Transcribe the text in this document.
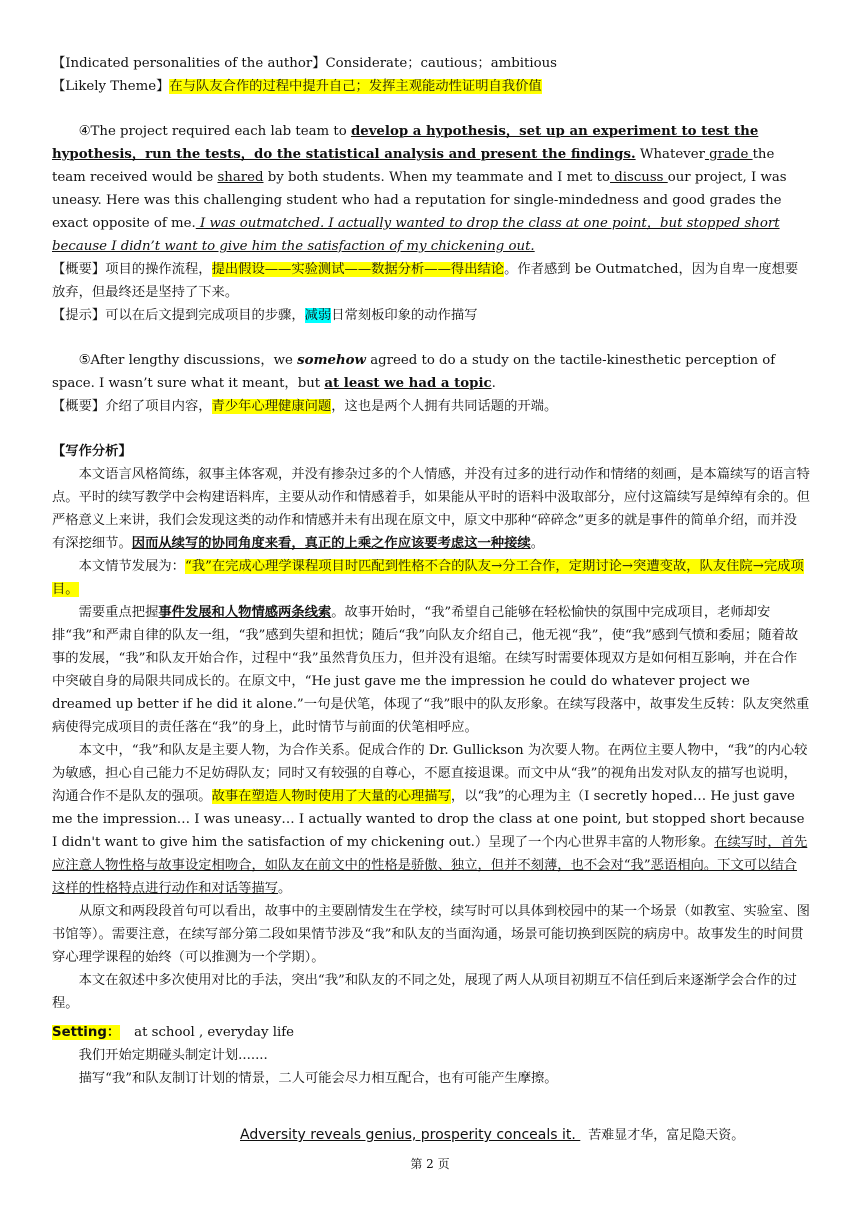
【Indicated personalities of the author】Considerate；cautious；ambitious

【Likely Theme】在与队友合作的过程中提升自己；发挥主观能动性证明自我价值

④The project required each lab team to develop a hypothesis，set up an experiment to test the hypothesis，run the tests，do the statistical analysis and present the findings. Whatever grade the team received would be shared by both students. When my teammate and I met to discuss our project, I was uneasy. Here was this challenging student who had a reputation for single-mindedness and good grades the exact opposite of me. I was outmatched. I actually wanted to drop the class at one point，but stopped short because I didn’t want to give him the satisfaction of my chickening out.

【概要】项目的操作流程，提出假设——实验测试——数据分析——得出结论。作者感到 be Outmatched，因为自卑一度想要放弃，但最终还是坚持了下来。

【提示】可以在后文提到完成项目的步骤，减弱日常刻板印象的动作描写

⑤After lengthy discussions，we somehow agreed to do a study on the tactile-kinesthetic perception of space. I wasn’t sure what it meant，but at least we had a topic.

【概要】介绍了项目内容，青少年心理健康问题，这也是两个人拥有共同话题的开端。

【写作分析】

本文语言风格简练，叙事主体客观，并没有掺杂过多的个人情感，并没有过多的进行动作和情绪的刻画，是本篇续写的语言特点。平时的续写教学中会构建语料库，主要从动作和情感着手，如果能从平时的语料中汲取部分，应付这篇续写是绰绰有余的。但严格意义上来讲，我们会发现这类的动作和情感并未有出现在原文中，原文中那种“碎碎念”更多的就是事件的简单介绍，而并没有深挖细节。因而从续写的协同角度来看，真正的上乘之作应该要考虑这一种接续。

本文情节发展为：“我”在完成心理学课程项目时匹配到性格不合的队友→分工合作，定期讨论→突遭变故，队友住院→完成项目。

需要重点把握事件发展和人物情感两条线索。故事开始时，“我”希望自己能够在轻松愉快的氛围中完成项目，老师却安排“我”和严肃自律的队友一组，“我”感到失望和担忧；随后“我”向队友介绍自己，他无视“我”，使“我”感到气愤和委屈；随着故事的发展，“我”和队友开始合作，过程中“我”虽然背负压力，但并没有退缩。在续写时需要体现双方是如何相互影响，并在合作中突破自身的局限共同成长的。在原文中，“He just gave me the impression he could do whatever project we dreamed up better if he did it alone.”一句是伏笔，体现了“我”眼中的队友形象。在续写段落中，故事发生反转：队友突然重病使得完成项目的责任落在“我”的身上，此时情节与前面的伏笔相呼应。

本文中，“我”和队友是主要人物，为合作关系。促成合作的 Dr. Gullickson 为次要人物。在两位主要人物中，“我”的内心较为敏感，担心自己能力不足妨碍队友；同时又有较强的自尊心，不愿直接退课。而文中从“我”的视角出发对队友的描写也说明，沟通合作不是队友的强项。故事在塑造人物时使用了大量的心理描写，以“我”的心理为主（I secretly hoped… He just gave me the impression… I was uneasy… I actually wanted to drop the class at one point, but stopped short because I didn't want to give him the satisfaction of my chickening out.）呈现了一个内心世界丰富的人物形象。在续写时，首先应注意人物性格与故事设定相吻合，如队友在前文中的性格是骄傲、独立，但并不刻薄，也不会对“我”恶语相向。下文可以结合这样的性格特点进行动作和对话等描写。

从原文和两段段首句可以看出，故事中的主要剧情发生在学校，续写时可以具体到校园中的某一个场景（如教室、实验室、图书馆等）。需要注意，在续写部分第二段如果情节涉及“我”和队友的当面沟通，场景可能切换到医院的病房中。故事发生的时间贯穿心理学课程的始终（可以推测为一个学期）。

本文在叙述中多次使用对比的手法，突出“我”和队友的不同之处，展现了两人从项目初期互不信任到后来逐渐学会合作的过程。

Setting： at school , everyday life

我们开始定期碰头制定计划.......

描写“我”和队友制订计划的情景，二人可能会尽力相互配合，也有可能产生摩擦。

Adversity reveals genius, prosperity conceals it. 苦难显才华，富足隐天资。
第 2 页
